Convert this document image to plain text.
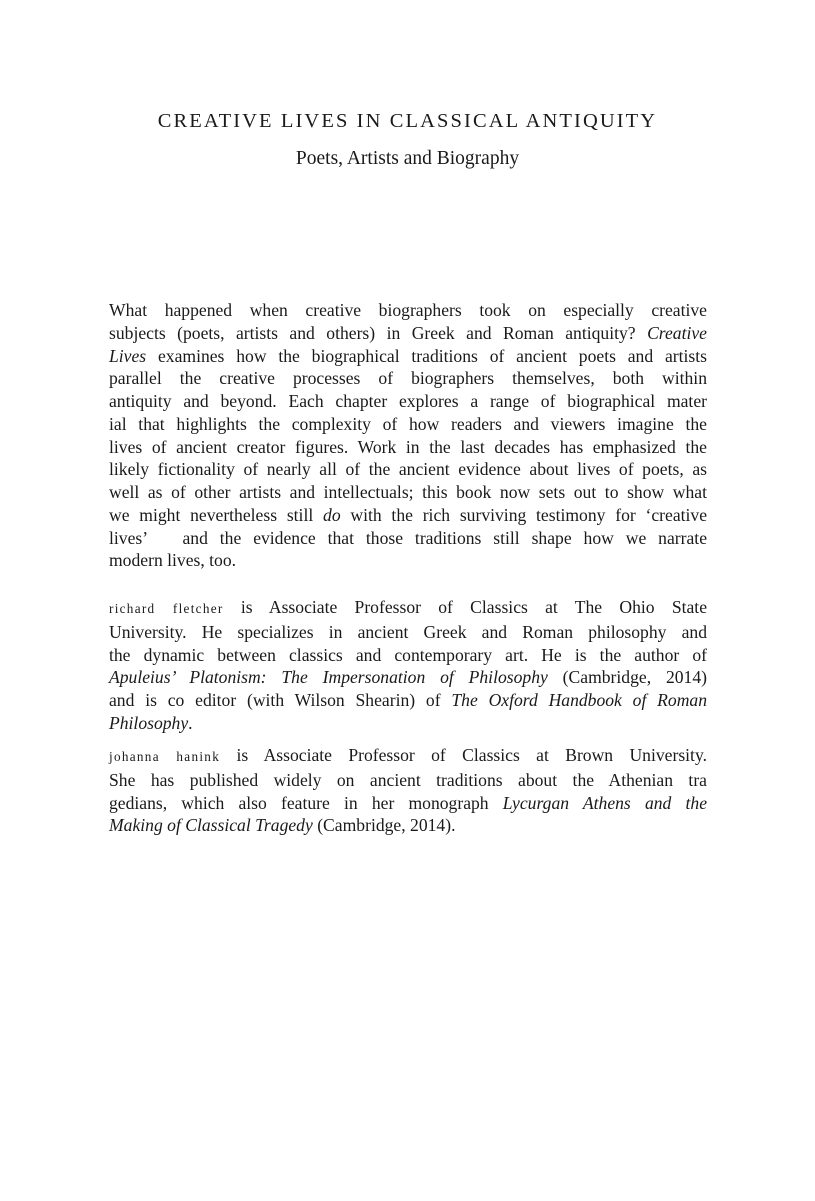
CREATIVE LIVES IN CLASSICAL ANTIQUITY
Poets, Artists and Biography
What happened when creative biographers took on especially creative
subjects (poets, artists and others) in Greek and Roman antiquity? Creative
Lives examines how the biographical traditions of ancient poets and artists
parallel the creative processes of biographers themselves, both within
antiquity and beyond. Each chapter explores a range of biographical mater
ial that highlights the complexity of how readers and viewers imagine the
lives of ancient creator figures. Work in the last decades has emphasized the
likely fictionality of nearly all of the ancient evidence about lives of poets, as
well as of other artists and intellectuals; this book now sets out to show what
we might nevertheless still do with the rich surviving testimony for ‘creative
lives’   and the evidence that those traditions still shape how we narrate
modern lives, too.
richard fletcher is Associate Professor of Classics at The Ohio State
University. He specializes in ancient Greek and Roman philosophy and
the dynamic between classics and contemporary art. He is the author of
Apuleius’ Platonism: The Impersonation of Philosophy (Cambridge, 2014)
and is co editor (with Wilson Shearin) of The Oxford Handbook of Roman
Philosophy.
johanna hanink is Associate Professor of Classics at Brown University.
She has published widely on ancient traditions about the Athenian tra
gedians, which also feature in her monograph Lycurgan Athens and the
Making of Classical Tragedy (Cambridge, 2014).
